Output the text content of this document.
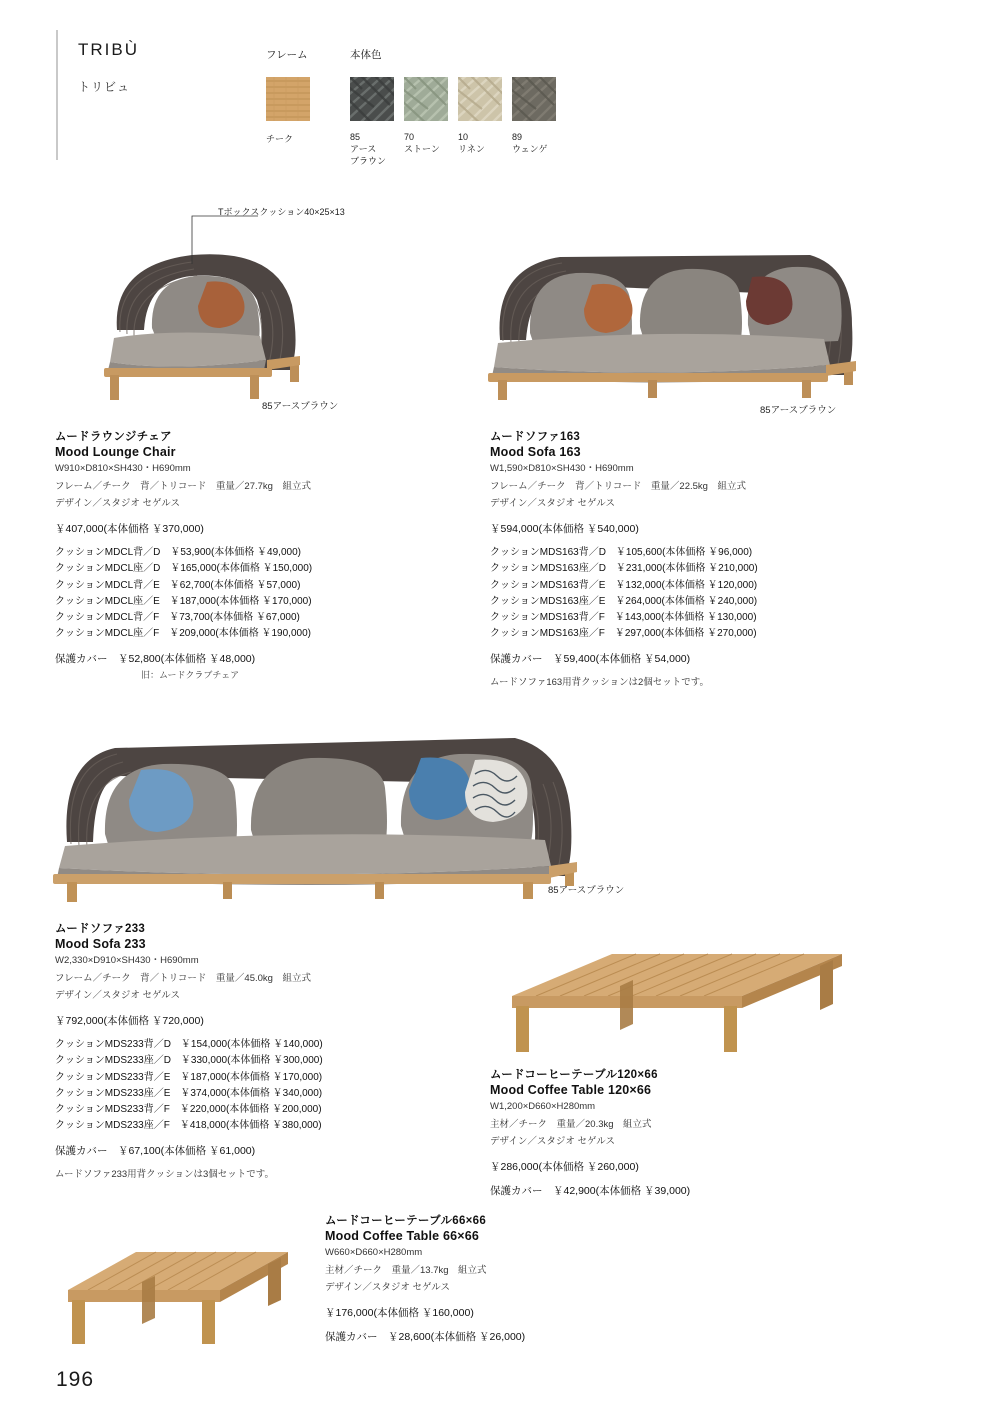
TRIBÙ
トリビュ
フレーム	本体色
チーク	85
アース
ブラウン
70
ストーン
10
リネン
89
ウェンゲ
Tボックスクッション40×25×13
85アースブラウン	85アースブラウン
ムードラウンジチェア
Mood Lounge Chair
W910×D810×SH430・H690mm
フレーム／チーク　背／トリコード　重量／27.7kg　組立式
デザイン／スタジオ セゲルス
￥407,000(本体価格 ￥370,000)
クッションMDCL背／D　￥53,900(本体価格 ￥49,000)
クッションMDCL座／D　￥165,000(本体価格 ￥150,000)
クッションMDCL背／E　￥62,700(本体価格 ￥57,000)
クッションMDCL座／E　￥187,000(本体価格 ￥170,000)
クッションMDCL背／F　￥73,700(本体価格 ￥67,000)
クッションMDCL座／F　￥209,000(本体価格 ￥190,000)
保護カバー　￥52,800(本体価格 ￥48,000)
旧：ムードクラブチェア
ムードソファ163
Mood Sofa 163
W1,590×D810×SH430・H690mm
フレーム／チーク　背／トリコード　重量／22.5kg　組立式
デザイン／スタジオ セゲルス
￥594,000(本体価格 ￥540,000)
クッションMDS163背／D　￥105,600(本体価格 ￥96,000)
クッションMDS163座／D　￥231,000(本体価格 ￥210,000)
クッションMDS163背／E　￥132,000(本体価格 ￥120,000)
クッションMDS163座／E　￥264,000(本体価格 ￥240,000)
クッションMDS163背／F　￥143,000(本体価格 ￥130,000)
クッションMDS163座／F　￥297,000(本体価格 ￥270,000)
保護カバー　￥59,400(本体価格 ￥54,000)
ムードソファ163用背クッションは2個セットです。
85アースブラウン
ムードソファ233
Mood Sofa 233
W2,330×D910×SH430・H690mm
フレーム／チーク　背／トリコード　重量／45.0kg　組立式
デザイン／スタジオ セゲルス
￥792,000(本体価格 ￥720,000)
クッションMDS233背／D　￥154,000(本体価格 ￥140,000)
クッションMDS233座／D　￥330,000(本体価格 ￥300,000)
クッションMDS233背／E　￥187,000(本体価格 ￥170,000)
クッションMDS233座／E　￥374,000(本体価格 ￥340,000)
クッションMDS233背／F　￥220,000(本体価格 ￥200,000)
クッションMDS233座／F　￥418,000(本体価格 ￥380,000)
保護カバー　￥67,100(本体価格 ￥61,000)
ムードソファ233用背クッションは3個セットです。
ムードコーヒーテーブル120×66
Mood Coffee Table 120×66
W1,200×D660×H280mm
主材／チーク　重量／20.3kg　組立式
デザイン／スタジオ セゲルス
￥286,000(本体価格 ￥260,000)
保護カバー　￥42,900(本体価格 ￥39,000)
ムードコーヒーテーブル66×66
Mood Coffee Table 66×66
W660×D660×H280mm
主材／チーク　重量／13.7kg　組立式
デザイン／スタジオ セゲルス
￥176,000(本体価格 ￥160,000)
保護カバー　￥28,600(本体価格 ￥26,000)
196
